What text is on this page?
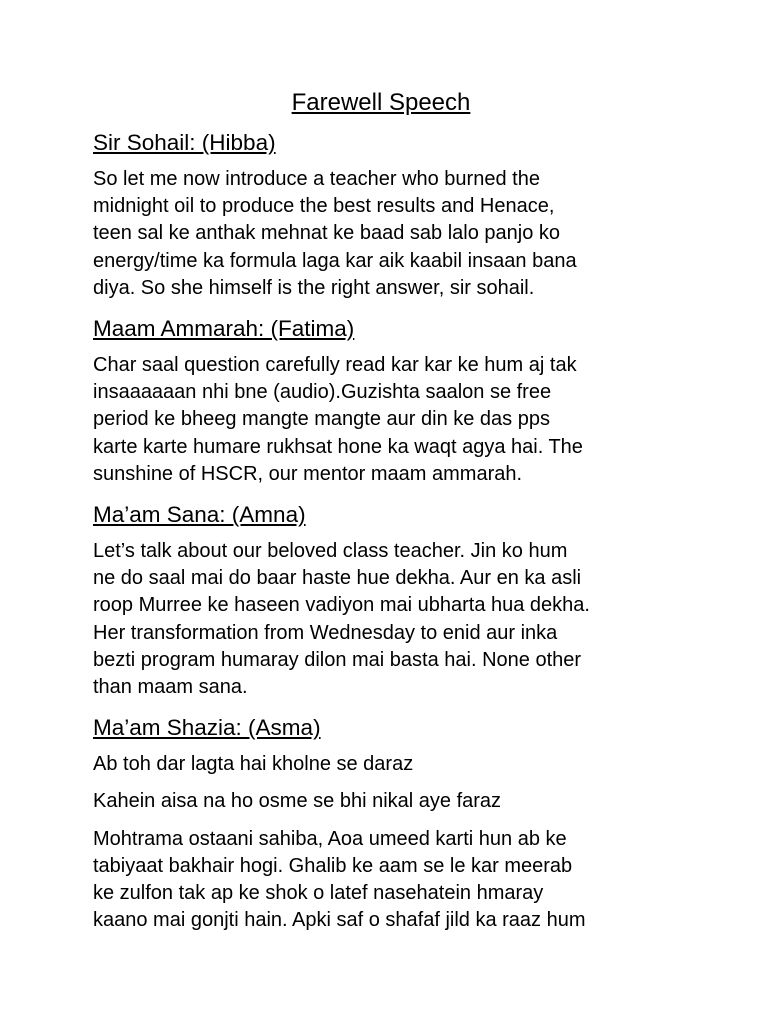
Farewell Speech
Sir Sohail: (Hibba)
So let me now introduce a teacher who burned the
midnight oil to produce the best results and Henace,
teen sal ke anthak mehnat ke baad sab lalo panjo ko
energy/time ka formula laga kar aik kaabil insaan bana
diya. So she himself is the right answer, sir sohail.
Maam Ammarah: (Fatima)
Char saal question carefully read kar kar ke hum aj tak
insaaaaaan nhi bne (audio).Guzishta saalon se free
period ke bheeg mangte mangte aur din ke das pps
karte karte humare rukhsat hone ka waqt agya hai. The
sunshine of HSCR, our mentor maam ammarah.
Ma’am Sana: (Amna)
Let’s talk about our beloved class teacher. Jin ko hum
ne do saal mai do baar haste hue dekha. Aur en ka asli
roop Murree ke haseen vadiyon mai ubharta hua dekha.
Her transformation from Wednesday to enid aur inka
bezti program humaray dilon mai basta hai. None other
than maam sana.
Ma’am Shazia: (Asma)
Ab toh dar lagta hai kholne se daraz
Kahein aisa na ho osme se bhi nikal aye faraz
Mohtrama ostaani sahiba, Aoa umeed karti hun ab ke
tabiyaat bakhair hogi. Ghalib ke aam se le kar meerab
ke zulfon tak ap ke shok o latef nasehatein hmaray
kaano mai gonjti hain. Apki saf o shafaf jild ka raaz hum
